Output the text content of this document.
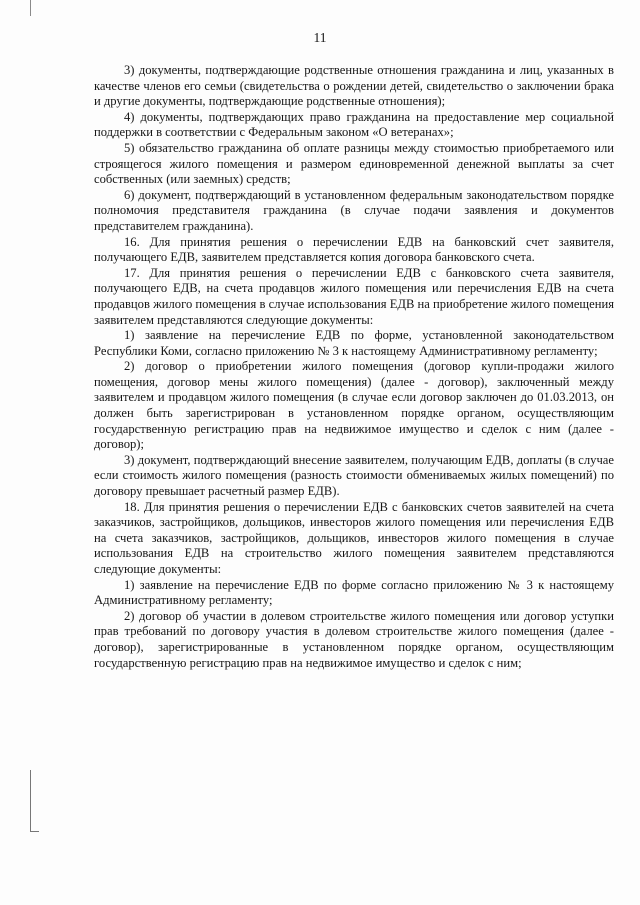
11

3) документы, подтверждающие родственные отношения гражданина и лиц, указанных в качестве членов его семьи (свидетельства о рождении детей, свидетельство о заключении брака и другие документы, подтверждающие родственные отношения);

4) документы, подтверждающих право гражданина на предоставление мер социальной поддержки в соответствии с Федеральным законом «О ветеранах»;

5) обязательство гражданина об оплате разницы между стоимостью приобретаемого или строящегося жилого помещения и размером единовременной денежной выплаты за счет собственных (или заемных) средств;

6) документ, подтверждающий в установленном федеральным законодательством порядке полномочия представителя гражданина (в случае подачи заявления и документов представителем гражданина).

16. Для принятия решения о перечислении ЕДВ на банковский счет заявителя, получающего ЕДВ, заявителем представляется копия договора банковского счета.

17. Для принятия решения о перечислении ЕДВ с банковского счета заявителя, получающего ЕДВ, на счета продавцов жилого помещения или перечисления ЕДВ на счета продавцов жилого помещения в случае использования ЕДВ на приобретение жилого помещения заявителем представляются следующие документы:

1) заявление на перечисление ЕДВ по форме, установленной законодательством Республики Коми, согласно приложению № 3 к настоящему Административному регламенту;

2) договор о приобретении жилого помещения (договор купли-продажи жилого помещения, договор мены жилого помещения) (далее - договор), заключенный между заявителем и продавцом жилого помещения (в случае если договор заключен до 01.03.2013, он должен быть зарегистрирован в установленном порядке органом, осуществляющим государственную регистрацию прав на недвижимое имущество и сделок с ним (далее - договор);

3) документ, подтверждающий внесение заявителем, получающим ЕДВ, доплаты (в случае если стоимость жилого помещения (разность стоимости обмениваемых жилых помещений) по договору превышает расчетный размер ЕДВ).

18. Для принятия решения о перечислении ЕДВ с банковских счетов заявителей на счета заказчиков, застройщиков, дольщиков, инвесторов жилого помещения или перечисления ЕДВ на счета заказчиков, застройщиков, дольщиков, инвесторов жилого помещения в случае использования ЕДВ на строительство жилого помещения заявителем представляются следующие документы:

1) заявление на перечисление ЕДВ по форме согласно приложению № 3 к настоящему Административному регламенту;

2) договор об участии в долевом строительстве жилого помещения или договор уступки прав требований по договору участия в долевом строительстве жилого помещения (далее - договор), зарегистрированные в установленном порядке органом, осуществляющим государственную регистрацию прав на недвижимое имущество и сделок с ним;
